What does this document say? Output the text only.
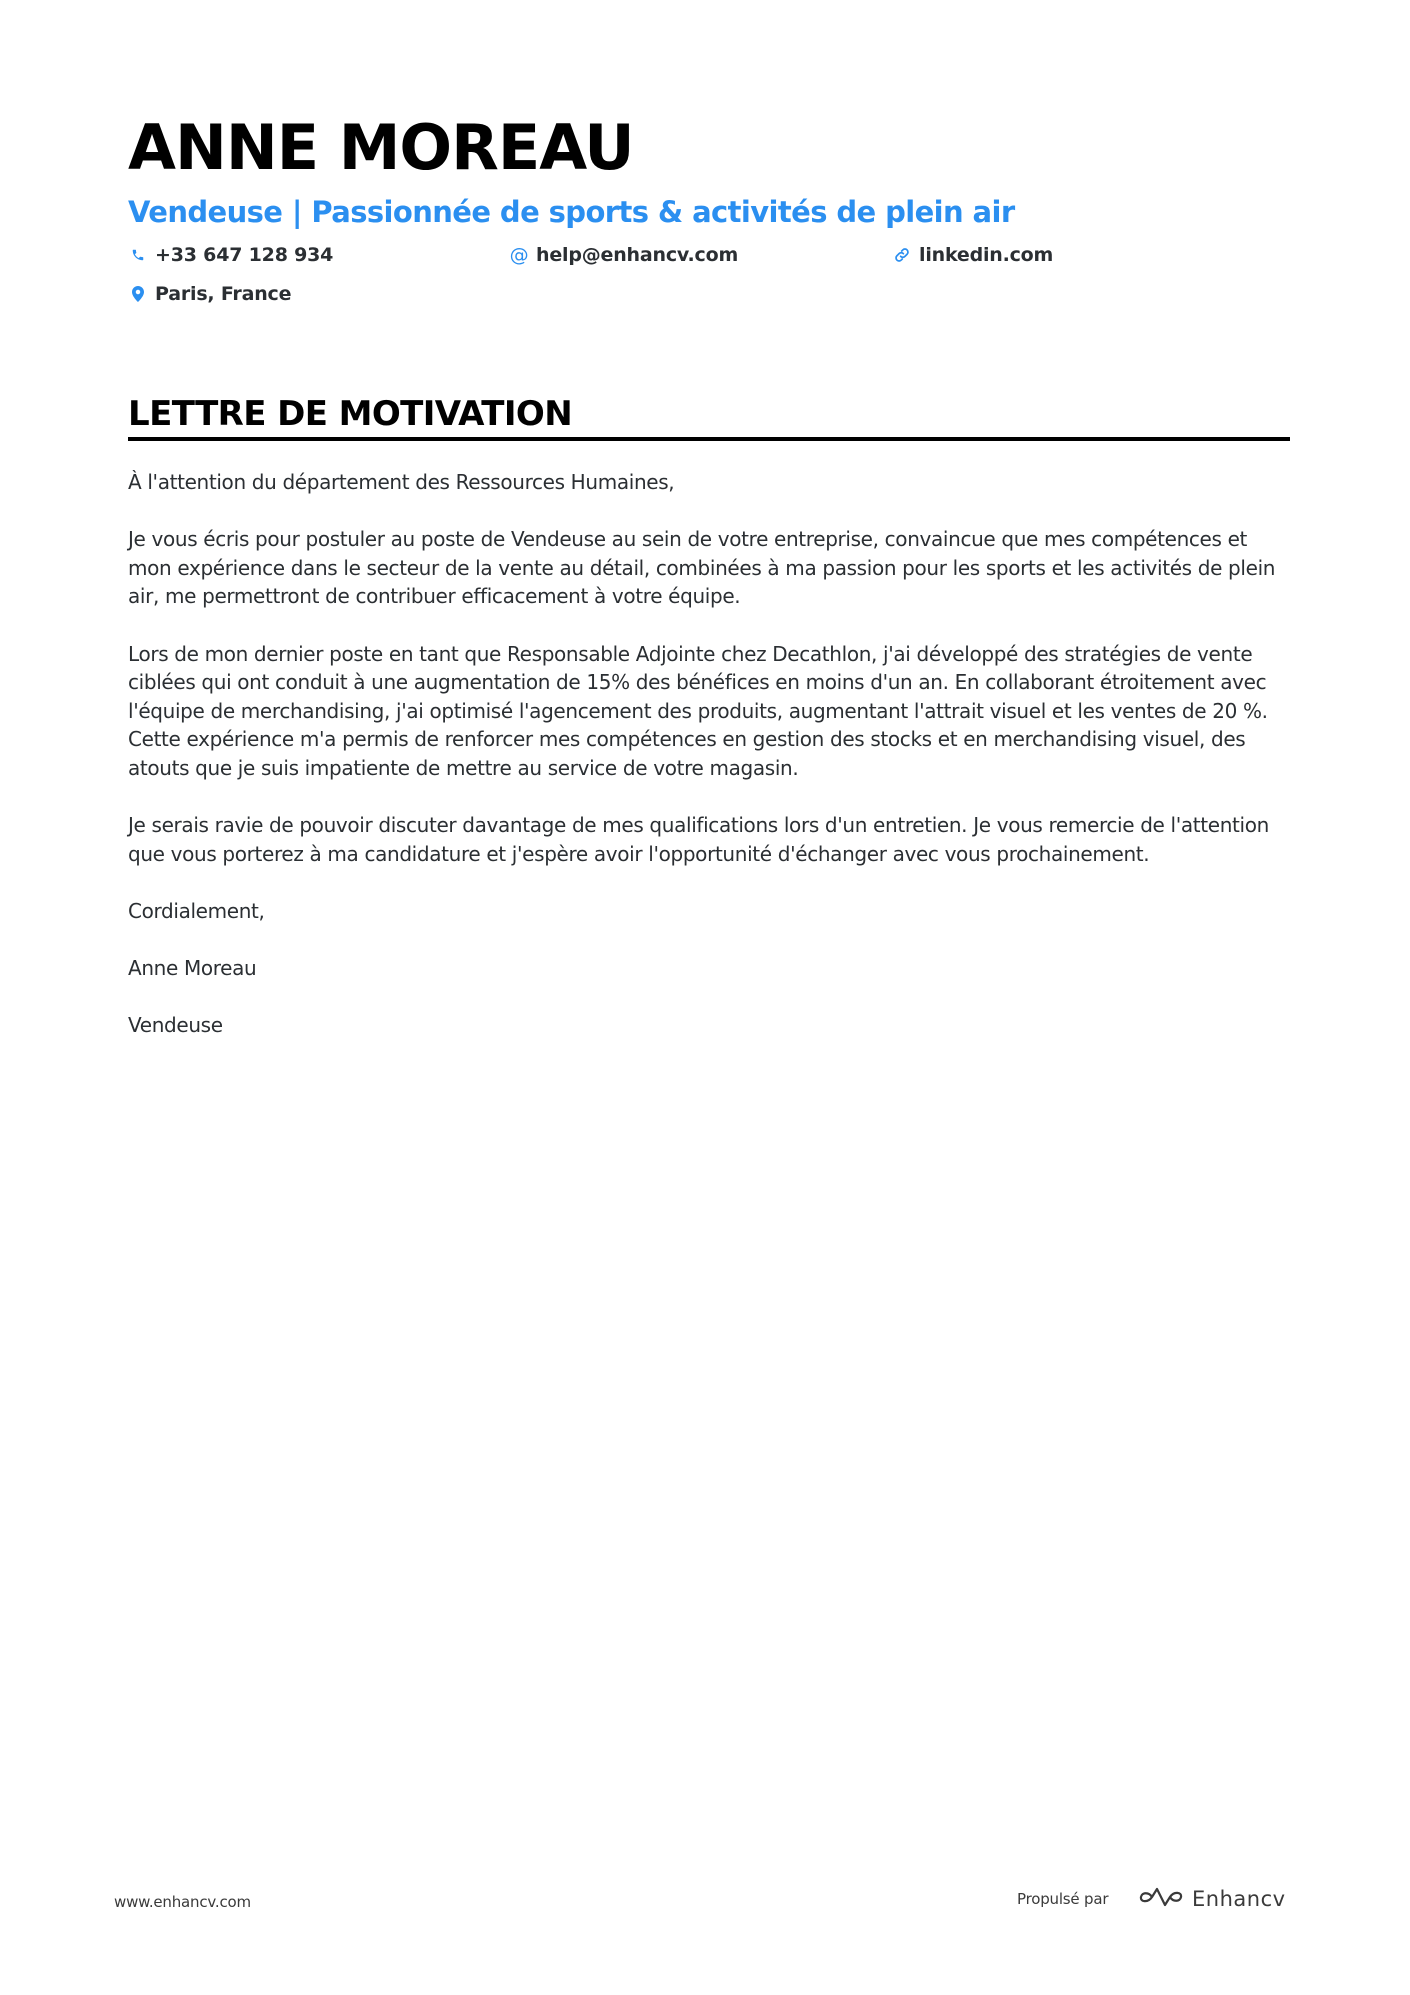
ANNE MOREAU
Vendeuse | Passionnée de sports & activités de plein air
+33 647 128 934	@ help@enhancv.com	linkedin.com
Paris, France
LETTRE DE MOTIVATION

À l'attention du département des Ressources Humaines,

Je vous écris pour postuler au poste de Vendeuse au sein de votre entreprise, convaincue que mes compétences et mon expérience dans le secteur de la vente au détail, combinées à ma passion pour les sports et les activités de plein air, me permettront de contribuer efficacement à votre équipe.

Lors de mon dernier poste en tant que Responsable Adjointe chez Decathlon, j'ai développé des stratégies de vente ciblées qui ont conduit à une augmentation de 15% des bénéfices en moins d'un an. En collaborant étroitement avec l'équipe de merchandising, j'ai optimisé l'agencement des produits, augmentant l'attrait visuel et les ventes de 20 %. Cette expérience m'a permis de renforcer mes compétences en gestion des stocks et en merchandising visuel, des atouts que je suis impatiente de mettre au service de votre magasin.

Je serais ravie de pouvoir discuter davantage de mes qualifications lors d'un entretien. Je vous remercie de l'attention que vous porterez à ma candidature et j'espère avoir l'opportunité d'échanger avec vous prochainement.

Cordialement,

Anne Moreau

Vendeuse

www.enhancv.com	Propulsé par	Enhancv
